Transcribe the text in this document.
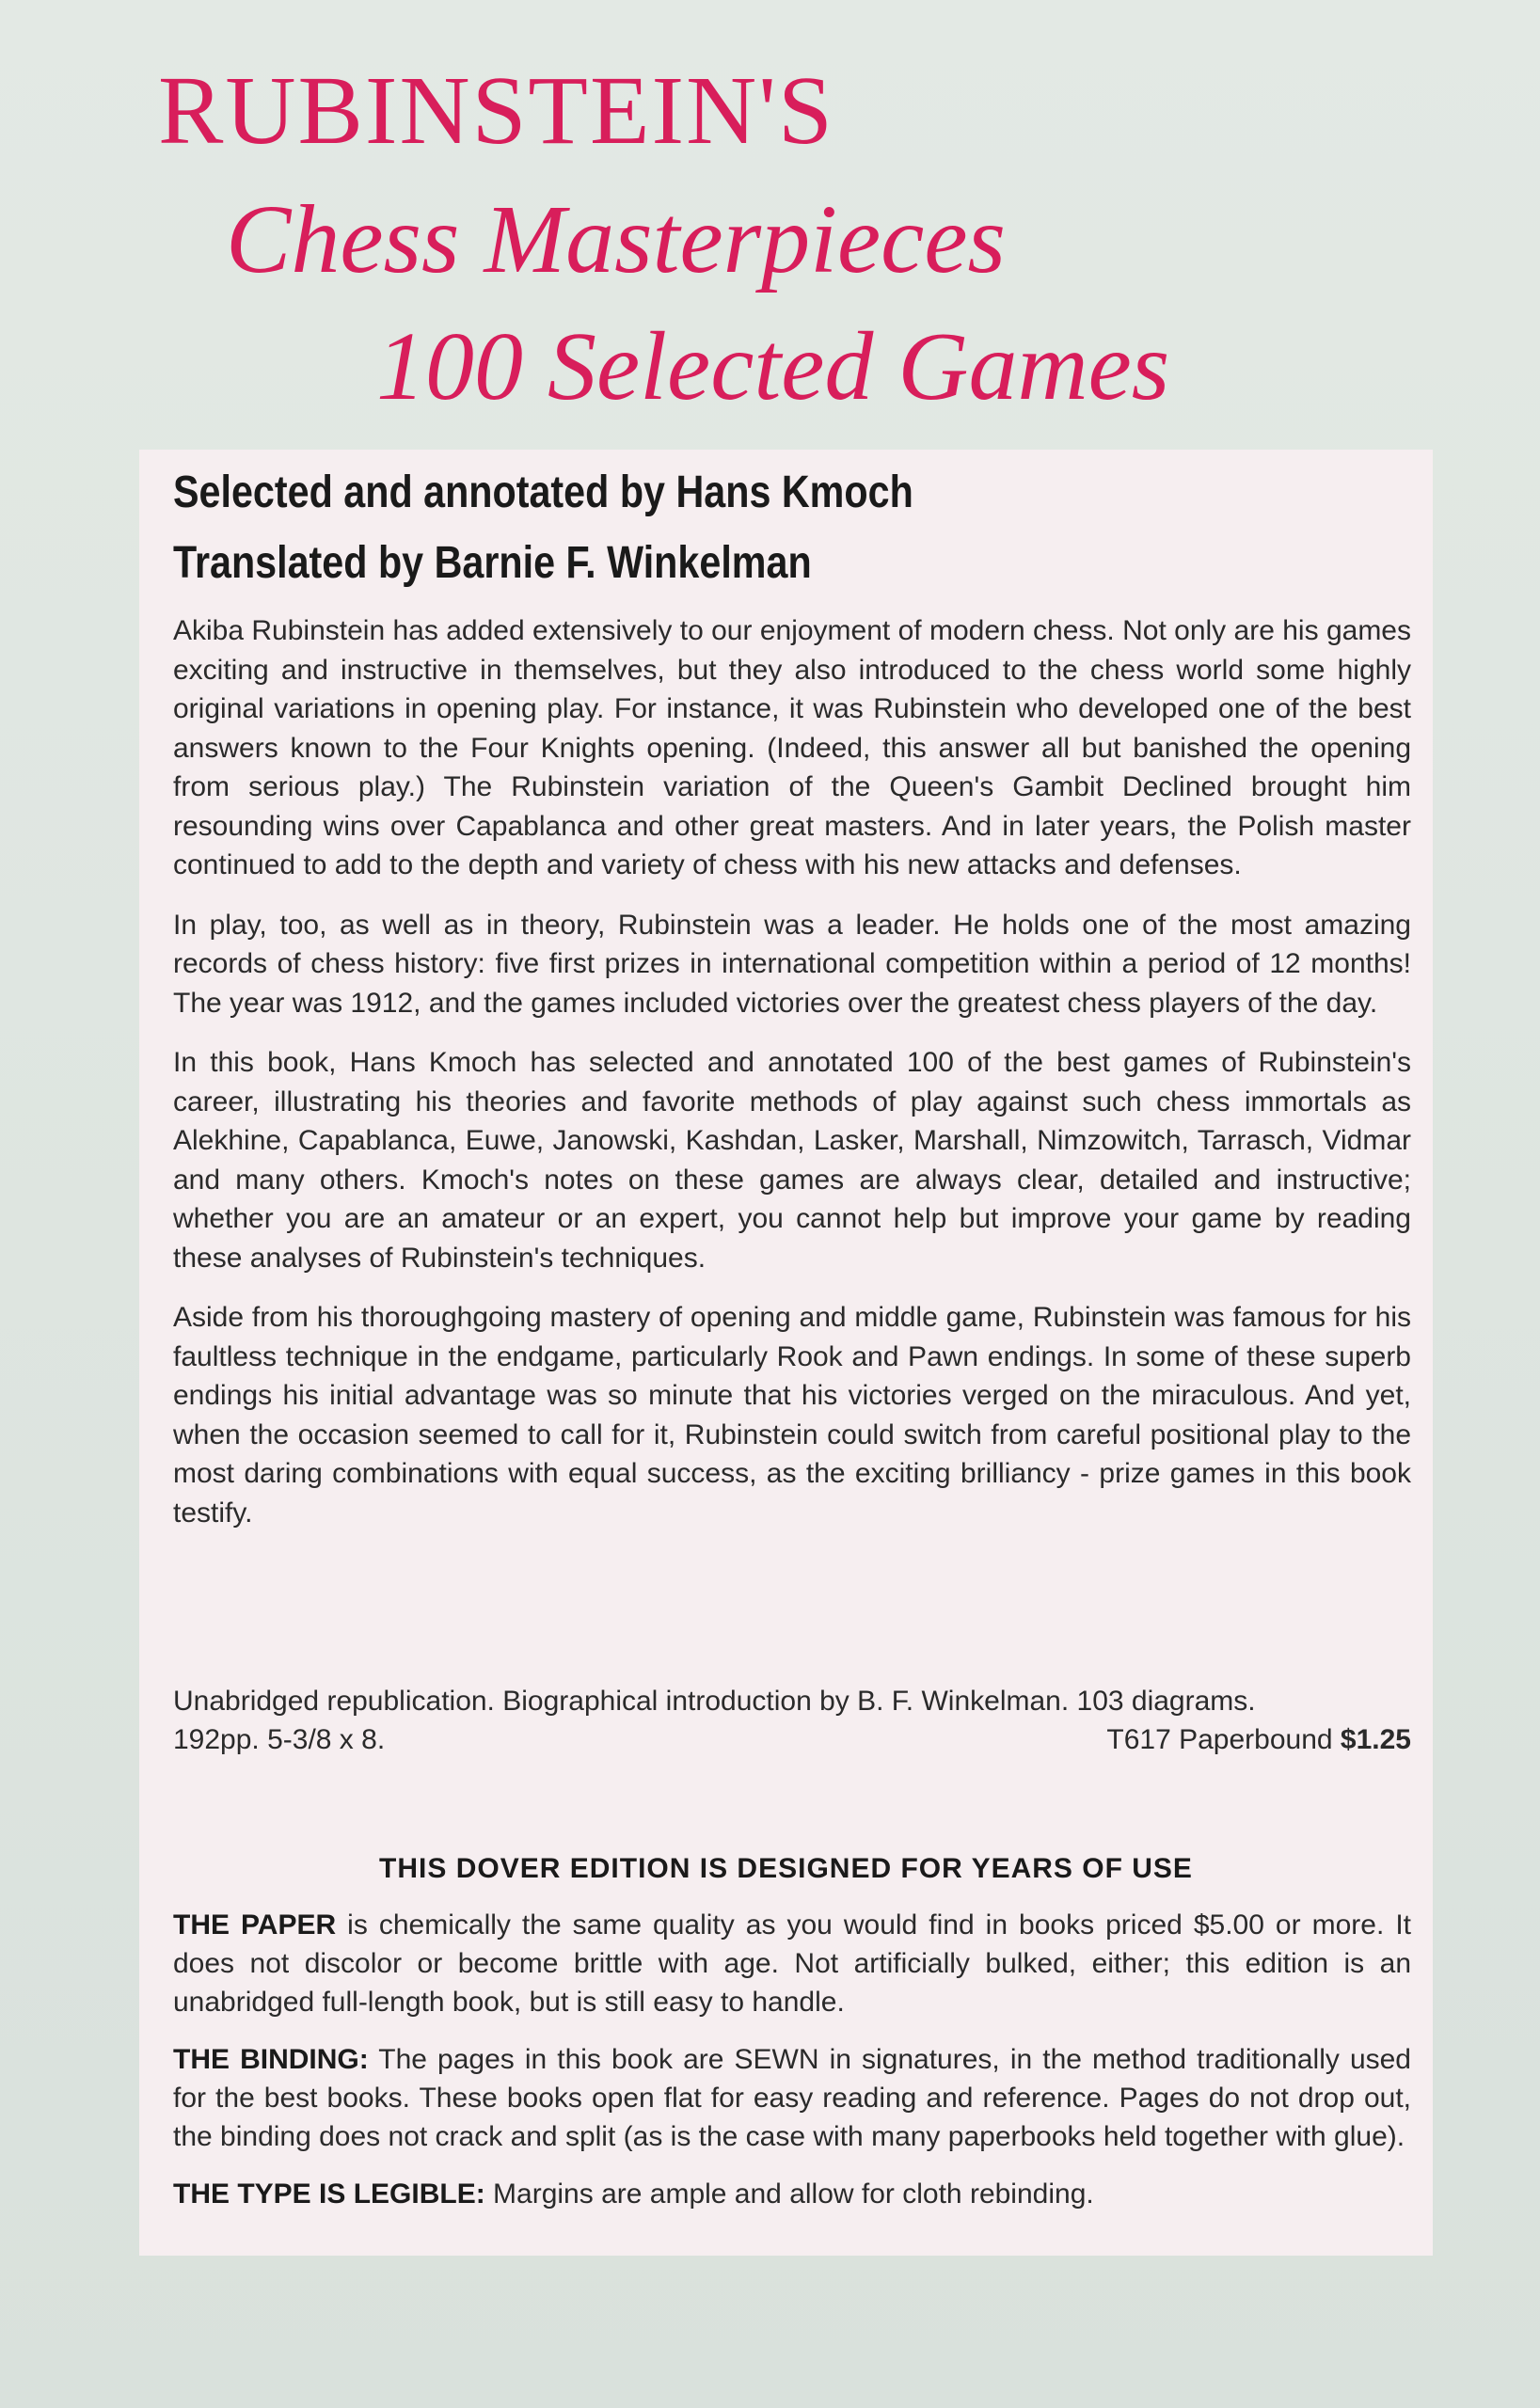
RUBINSTEIN'S
Chess Masterpieces
100 Selected Games
Selected and annotated by Hans Kmoch
Translated by Barnie F. Winkelman

Akiba Rubinstein has added extensively to our enjoyment of modern chess. Not only are his games exciting and instructive in themselves, but they also introduced to the chess world some highly original variations in opening play. For instance, it was Rubinstein who developed one of the best answers known to the Four Knights opening. (Indeed, this answer all but banished the opening from serious play.) The Rubinstein variation of the Queen's Gambit Declined brought him resounding wins over Capablanca and other great masters. And in later years, the Polish master continued to add to the depth and variety of chess with his new attacks and defenses.

In play, too, as well as in theory, Rubinstein was a leader. He holds one of the most amazing records of chess history: five first prizes in international competition within a period of 12 months! The year was 1912, and the games included victories over the greatest chess players of the day.

In this book, Hans Kmoch has selected and annotated 100 of the best games of Rubinstein's career, illustrating his theories and favorite methods of play against such chess immortals as Alekhine, Capablanca, Euwe, Janowski, Kashdan, Lasker, Marshall, Nimzowitch, Tarrasch, Vidmar and many others. Kmoch's notes on these games are always clear, detailed and instructive; whether you are an amateur or an expert, you cannot help but improve your game by reading these analyses of Rubinstein's techniques.

Aside from his thoroughgoing mastery of opening and middle game, Rubinstein was famous for his faultless technique in the endgame, particularly Rook and Pawn endings. In some of these superb endings his initial advantage was so minute that his victories verged on the miraculous. And yet, when the occasion seemed to call for it, Rubinstein could switch from careful positional play to the most daring combinations with equal success, as the exciting brilliancy - prize games in this book testify.

Unabridged republication. Biographical introduction by B. F. Winkelman. 103 diagrams.
192pp. 5-3/8 x 8.	T617 Paperbound $1.25
THIS DOVER EDITION IS DESIGNED FOR YEARS OF USE

THE PAPER is chemically the same quality as you would find in books priced $5.00 or more. It does not discolor or become brittle with age. Not artificially bulked, either; this edition is an unabridged full-length book, but is still easy to handle.

THE BINDING: The pages in this book are SEWN in signatures, in the method traditionally used for the best books. These books open flat for easy reading and reference. Pages do not drop out, the binding does not crack and split (as is the case with many paperbooks held together with glue).

THE TYPE IS LEGIBLE: Margins are ample and allow for cloth rebinding.
